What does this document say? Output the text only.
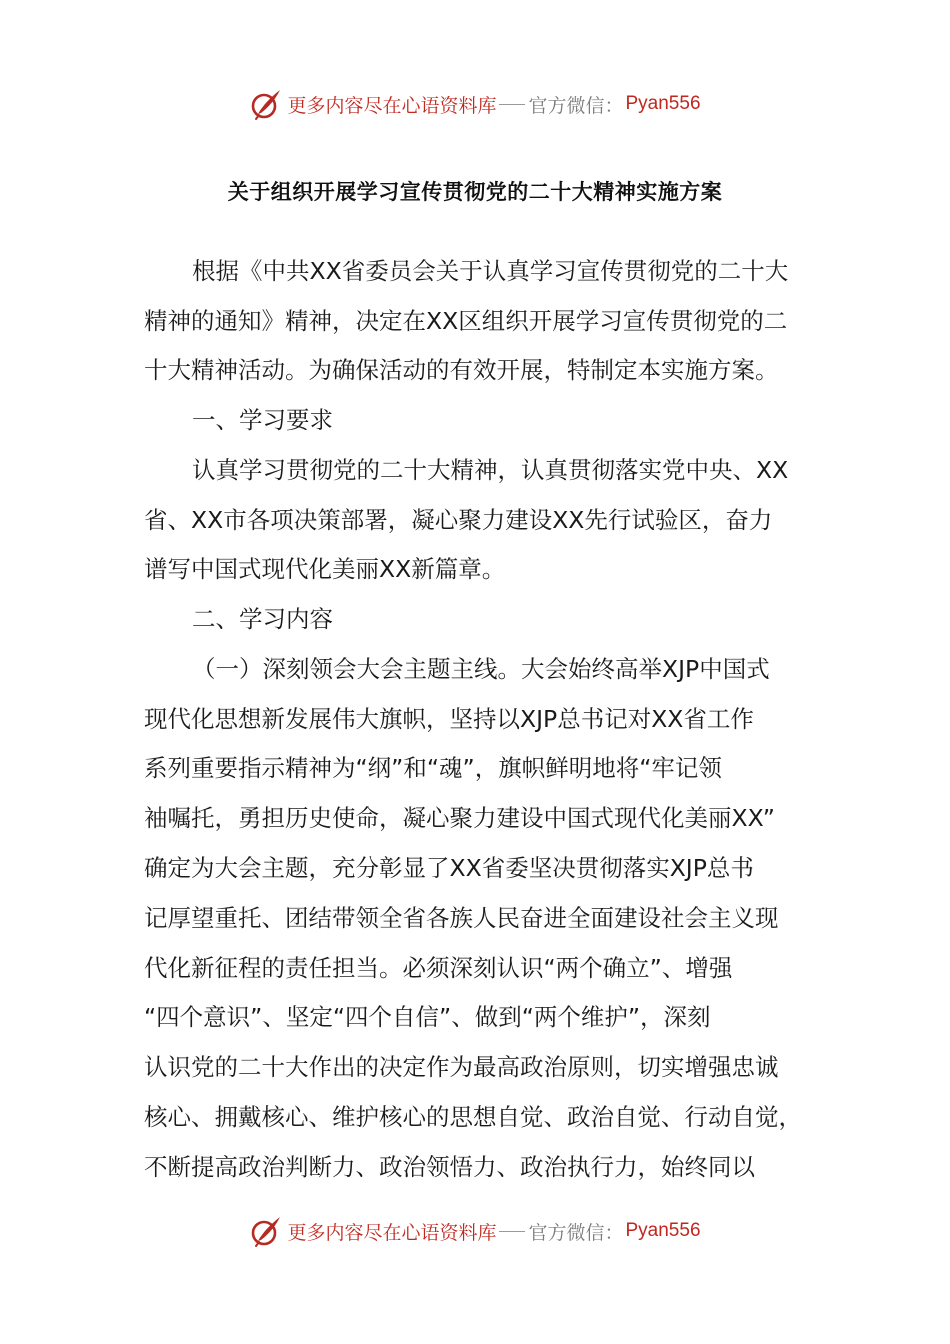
更多内容尽在心语资料库 官方微信： Pyan556
关于组织开展学习宣传贯彻党的二十大精神实施方案
根据《中共XX省委员会关于认真学习宣传贯彻党的二十大
精神的通知》精神，决定在XX区组织开展学习宣传贯彻党的二
十大精神活动。为确保活动的有效开展，特制定本实施方案。
一、学习要求
认真学习贯彻党的二十大精神，认真贯彻落实党中央、XX
省、XX市各项决策部署，凝心聚力建设XX先行试验区，奋力
谱写中国式现代化美丽XX新篇章。
二、学习内容
（一）深刻领会大会主题主线。大会始终高举XJP中国式
现代化思想新发展伟大旗帜，坚持以XJP总书记对XX省工作
系列重要指示精神为“纲”和“魂”，旗帜鲜明地将“牢记领
袖嘱托，勇担历史使命，凝心聚力建设中国式现代化美丽XX”
确定为大会主题，充分彰显了XX省委坚决贯彻落实XJP总书
记厚望重托、团结带领全省各族人民奋进全面建设社会主义现
代化新征程的责任担当。必须深刻认识“两个确立”、增强
“四个意识”、坚定“四个自信”、做到“两个维护”，深刻
认识党的二十大作出的决定作为最高政治原则，切实增强忠诚
核心、拥戴核心、维护核心的思想自觉、政治自觉、行动自觉，
不断提高政治判断力、政治领悟力、政治执行力，始终同以
更多内容尽在心语资料库 官方微信： Pyan556
